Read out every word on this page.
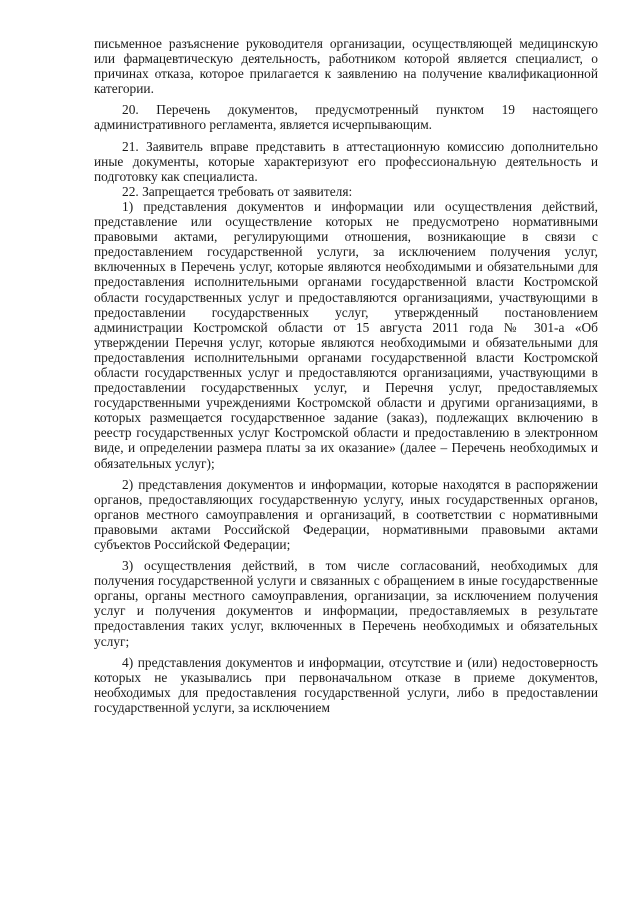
письменное разъяснение руководителя организации, осуществляющей медицинскую или фармацевтическую деятельность, работником которой является специалист, о причинах отказа, которое прилагается к заявлению на получение квалификационной категории.

20. Перечень документов, предусмотренный пунктом 19 настоящего административного регламента, является исчерпывающим.

21. Заявитель вправе представить в аттестационную комиссию дополнительно иные документы, которые характеризуют его профессиональную деятельность и подготовку как специалиста.

22. Запрещается требовать от заявителя:

1) представления документов и информации или осуществления действий, представление или осуществление которых не предусмотрено нормативными правовыми актами, регулирующими отношения, возникающие в связи с предоставлением государственной услуги, за исключением получения услуг, включенных в Перечень услуг, которые являются необходимыми и обязательными для предоставления исполнительными органами государственной власти Костромской области государственных услуг и предоставляются организациями, участвующими в предоставлении государственных услуг, утвержденный постановлением администрации Костромской области от 15 августа 2011 года № 301-а «Об утверждении Перечня услуг, которые являются необходимыми и обязательными для предоставления исполнительными органами государственной власти Костромской области государственных услуг и предоставляются организациями, участвующими в предоставлении государственных услуг, и Перечня услуг, предоставляемых государственными учреждениями Костромской области и другими организациями, в которых размещается государственное задание (заказ), подлежащих включению в реестр государственных услуг Костромской области и предоставлению в электронном виде, и определении размера платы за их оказание» (далее – Перечень необходимых и обязательных услуг);

2) представления документов и информации, которые находятся в распоряжении органов, предоставляющих государственную услугу, иных государственных органов, органов местного самоуправления и организаций, в соответствии с нормативными правовыми актами Российской Федерации, нормативными правовыми актами субъектов Российской Федерации;

3) осуществления действий, в том числе согласований, необходимых для получения государственной услуги и связанных с обращением в иные государственные органы, органы местного самоуправления, организации, за исключением получения услуг и получения документов и информации, предоставляемых в результате предоставления таких услуг, включенных в Перечень необходимых и обязательных услуг;

4) представления документов и информации, отсутствие и (или) недостоверность которых не указывались при первоначальном отказе в приеме документов, необходимых для предоставления государственной услуги, либо в предоставлении государственной услуги, за исключением
